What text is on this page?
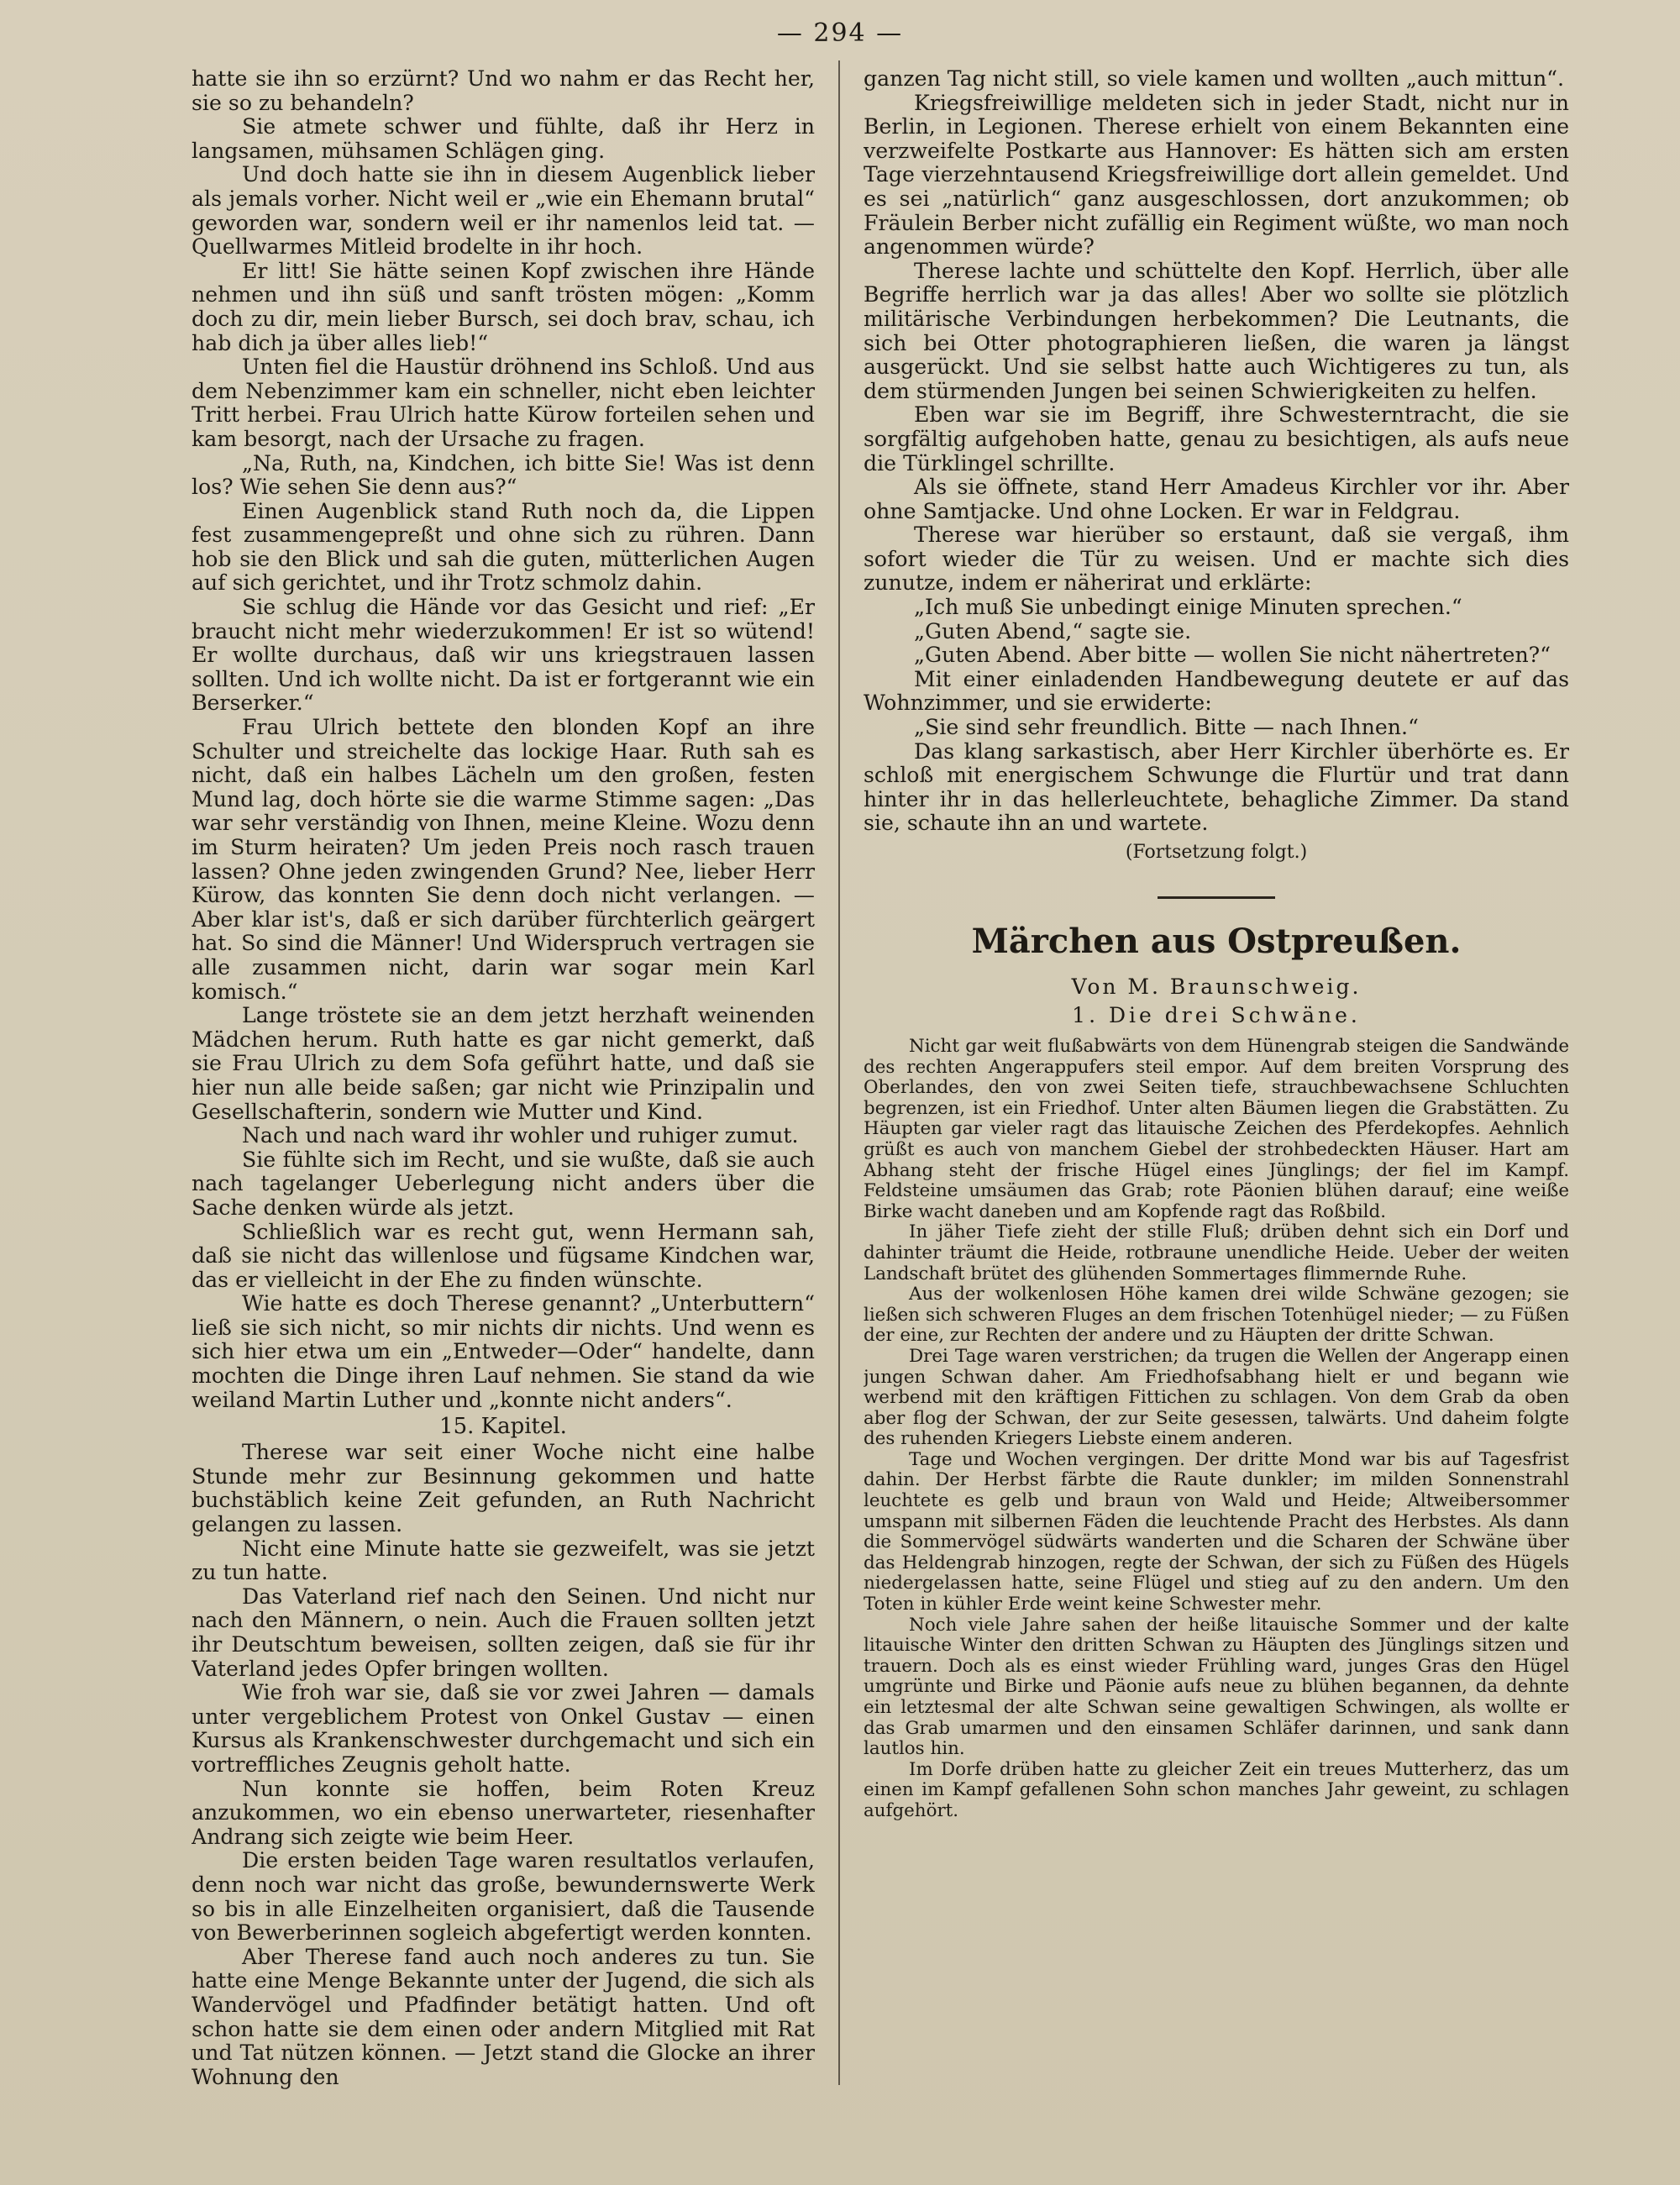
— 294 —

hatte sie ihn so erzürnt? Und wo nahm er das Recht her, sie so zu behandeln?

Sie atmete schwer und fühlte, daß ihr Herz in langsamen, mühsamen Schlägen ging.

Und doch hatte sie ihn in diesem Augenblick lieber als jemals vorher. Nicht weil er „wie ein Ehemann brutal“ geworden war, sondern weil er ihr namenlos leid tat. — Quellwarmes Mitleid brodelte in ihr hoch.

Er litt! Sie hätte seinen Kopf zwischen ihre Hände nehmen und ihn süß und sanft trösten mögen: „Komm doch zu dir, mein lieber Bursch, sei doch brav, schau, ich hab dich ja über alles lieb!“

Unten fiel die Haustür dröhnend ins Schloß. Und aus dem Nebenzimmer kam ein schneller, nicht eben leichter Tritt herbei. Frau Ulrich hatte Kürow forteilen sehen und kam besorgt, nach der Ursache zu fragen.

„Na, Ruth, na, Kindchen, ich bitte Sie! Was ist denn los? Wie sehen Sie denn aus?“

Einen Augenblick stand Ruth noch da, die Lippen fest zusammengepreßt und ohne sich zu rühren. Dann hob sie den Blick und sah die guten, mütterlichen Augen auf sich gerichtet, und ihr Trotz schmolz dahin.

Sie schlug die Hände vor das Gesicht und rief: „Er braucht nicht mehr wiederzukommen! Er ist so wütend! Er wollte durchaus, daß wir uns kriegstrauen lassen sollten. Und ich wollte nicht. Da ist er fortgerannt wie ein Berserker.“

Frau Ulrich bettete den blonden Kopf an ihre Schulter und streichelte das lockige Haar. Ruth sah es nicht, daß ein halbes Lächeln um den großen, festen Mund lag, doch hörte sie die warme Stimme sagen: „Das war sehr verständig von Ihnen, meine Kleine. Wozu denn im Sturm heiraten? Um jeden Preis noch rasch trauen lassen? Ohne jeden zwingenden Grund? Nee, lieber Herr Kürow, das konnten Sie denn doch nicht verlangen. — Aber klar ist's, daß er sich darüber fürchterlich geärgert hat. So sind die Männer! Und Widerspruch vertragen sie alle zusammen nicht, darin war sogar mein Karl komisch.“

Lange tröstete sie an dem jetzt herzhaft weinenden Mädchen herum. Ruth hatte es gar nicht gemerkt, daß sie Frau Ulrich zu dem Sofa geführt hatte, und daß sie hier nun alle beide saßen; gar nicht wie Prinzipalin und Gesellschafterin, sondern wie Mutter und Kind.

Nach und nach ward ihr wohler und ruhiger zumut.

Sie fühlte sich im Recht, und sie wußte, daß sie auch nach tagelanger Ueberlegung nicht anders über die Sache denken würde als jetzt.

Schließlich war es recht gut, wenn Hermann sah, daß sie nicht das willenlose und fügsame Kindchen war, das er vielleicht in der Ehe zu finden wünschte.

Wie hatte es doch Therese genannt? „Unterbuttern“ ließ sie sich nicht, so mir nichts dir nichts. Und wenn es sich hier etwa um ein „Entweder—Oder“ handelte, dann mochten die Dinge ihren Lauf nehmen. Sie stand da wie weiland Martin Luther und „konnte nicht anders“.

15. Kapitel.

Therese war seit einer Woche nicht eine halbe Stunde mehr zur Besinnung gekommen und hatte buchstäblich keine Zeit gefunden, an Ruth Nachricht gelangen zu lassen.

Nicht eine Minute hatte sie gezweifelt, was sie jetzt zu tun hatte.

Das Vaterland rief nach den Seinen. Und nicht nur nach den Männern, o nein. Auch die Frauen sollten jetzt ihr Deutschtum beweisen, sollten zeigen, daß sie für ihr Vaterland jedes Opfer bringen wollten.

Wie froh war sie, daß sie vor zwei Jahren — damals unter vergeblichem Protest von Onkel Gustav — einen Kursus als Krankenschwester durchgemacht und sich ein vortreffliches Zeugnis geholt hatte.

Nun konnte sie hoffen, beim Roten Kreuz anzukommen, wo ein ebenso unerwarteter, riesenhafter Andrang sich zeigte wie beim Heer.

Die ersten beiden Tage waren resultatlos verlaufen, denn noch war nicht das große, bewundernswerte Werk so bis in alle Einzelheiten organisiert, daß die Tausende von Bewerberinnen sogleich abgefertigt werden konnten.

Aber Therese fand auch noch anderes zu tun. Sie hatte eine Menge Bekannte unter der Jugend, die sich als Wandervögel und Pfadfinder betätigt hatten. Und oft schon hatte sie dem einen oder andern Mitglied mit Rat und Tat nützen können. — Jetzt stand die Glocke an ihrer Wohnung den

ganzen Tag nicht still, so viele kamen und wollten „auch mittun“.

Kriegsfreiwillige meldeten sich in jeder Stadt, nicht nur in Berlin, in Legionen. Therese erhielt von einem Bekannten eine verzweifelte Postkarte aus Hannover: Es hätten sich am ersten Tage vierzehntausend Kriegsfreiwillige dort allein gemeldet. Und es sei „natürlich“ ganz ausgeschlossen, dort anzukommen; ob Fräulein Berber nicht zufällig ein Regiment wüßte, wo man noch angenommen würde?

Therese lachte und schüttelte den Kopf. Herrlich, über alle Begriffe herrlich war ja das alles! Aber wo sollte sie plötzlich militärische Verbindungen herbekommen? Die Leutnants, die sich bei Otter photographieren ließen, die waren ja längst ausgerückt. Und sie selbst hatte auch Wichtigeres zu tun, als dem stürmenden Jungen bei seinen Schwierigkeiten zu helfen.

Eben war sie im Begriff, ihre Schwesterntracht, die sie sorgfältig aufgehoben hatte, genau zu besichtigen, als aufs neue die Türklingel schrillte.

Als sie öffnete, stand Herr Amadeus Kirchler vor ihr. Aber ohne Samtjacke. Und ohne Locken. Er war in Feldgrau.

Therese war hierüber so erstaunt, daß sie vergaß, ihm sofort wieder die Tür zu weisen. Und er machte sich dies zunutze, indem er näherirat und erklärte:

„Ich muß Sie unbedingt einige Minuten sprechen.“

„Guten Abend,“ sagte sie.

„Guten Abend. Aber bitte — wollen Sie nicht nähertreten?“

Mit einer einladenden Handbewegung deutete er auf das Wohnzimmer, und sie erwiderte:

„Sie sind sehr freundlich. Bitte — nach Ihnen.“

Das klang sarkastisch, aber Herr Kirchler überhörte es. Er schloß mit energischem Schwunge die Flurtür und trat dann hinter ihr in das hellerleuchtete, behagliche Zimmer. Da stand sie, schaute ihn an und wartete.

(Fortsetzung folgt.)

Märchen aus Ostpreußen.

Von M. Braunschweig.

1. Die drei Schwäne.

Nicht gar weit flußabwärts von dem Hünengrab steigen die Sandwände des rechten Angerappufers steil empor. Auf dem breiten Vorsprung des Oberlandes, den von zwei Seiten tiefe, strauchbewachsene Schluchten begrenzen, ist ein Friedhof. Unter alten Bäumen liegen die Grabstätten. Zu Häupten gar vieler ragt das litauische Zeichen des Pferdekopfes. Aehnlich grüßt es auch von manchem Giebel der strohbedeckten Häuser. Hart am Abhang steht der frische Hügel eines Jünglings; der fiel im Kampf. Feldsteine umsäumen das Grab; rote Päonien blühen darauf; eine weiße Birke wacht daneben und am Kopfende ragt das Roßbild.

In jäher Tiefe zieht der stille Fluß; drüben dehnt sich ein Dorf und dahinter träumt die Heide, rotbraune unendliche Heide. Ueber der weiten Landschaft brütet des glühenden Sommertages flimmernde Ruhe.

Aus der wolkenlosen Höhe kamen drei wilde Schwäne gezogen; sie ließen sich schweren Fluges an dem frischen Totenhügel nieder; — zu Füßen der eine, zur Rechten der andere und zu Häupten der dritte Schwan.

Drei Tage waren verstrichen; da trugen die Wellen der Angerapp einen jungen Schwan daher. Am Friedhofsabhang hielt er und begann wie werbend mit den kräftigen Fittichen zu schlagen. Von dem Grab da oben aber flog der Schwan, der zur Seite gesessen, talwärts. Und daheim folgte des ruhenden Kriegers Liebste einem anderen.

Tage und Wochen vergingen. Der dritte Mond war bis auf Tagesfrist dahin. Der Herbst färbte die Raute dunkler; im milden Sonnenstrahl leuchtete es gelb und braun von Wald und Heide; Altweibersommer umspann mit silbernen Fäden die leuchtende Pracht des Herbstes. Als dann die Sommervögel südwärts wanderten und die Scharen der Schwäne über das Heldengrab hinzogen, regte der Schwan, der sich zu Füßen des Hügels niedergelassen hatte, seine Flügel und stieg auf zu den andern. Um den Toten in kühler Erde weint keine Schwester mehr.

Noch viele Jahre sahen der heiße litauische Sommer und der kalte litauische Winter den dritten Schwan zu Häupten des Jünglings sitzen und trauern. Doch als es einst wieder Frühling ward, junges Gras den Hügel umgrünte und Birke und Päonie aufs neue zu blühen begannen, da dehnte ein letztesmal der alte Schwan seine gewaltigen Schwingen, als wollte er das Grab umarmen und den einsamen Schläfer darinnen, und sank dann lautlos hin.

Im Dorfe drüben hatte zu gleicher Zeit ein treues Mutterherz, das um einen im Kampf gefallenen Sohn schon manches Jahr geweint, zu schlagen aufgehört.
